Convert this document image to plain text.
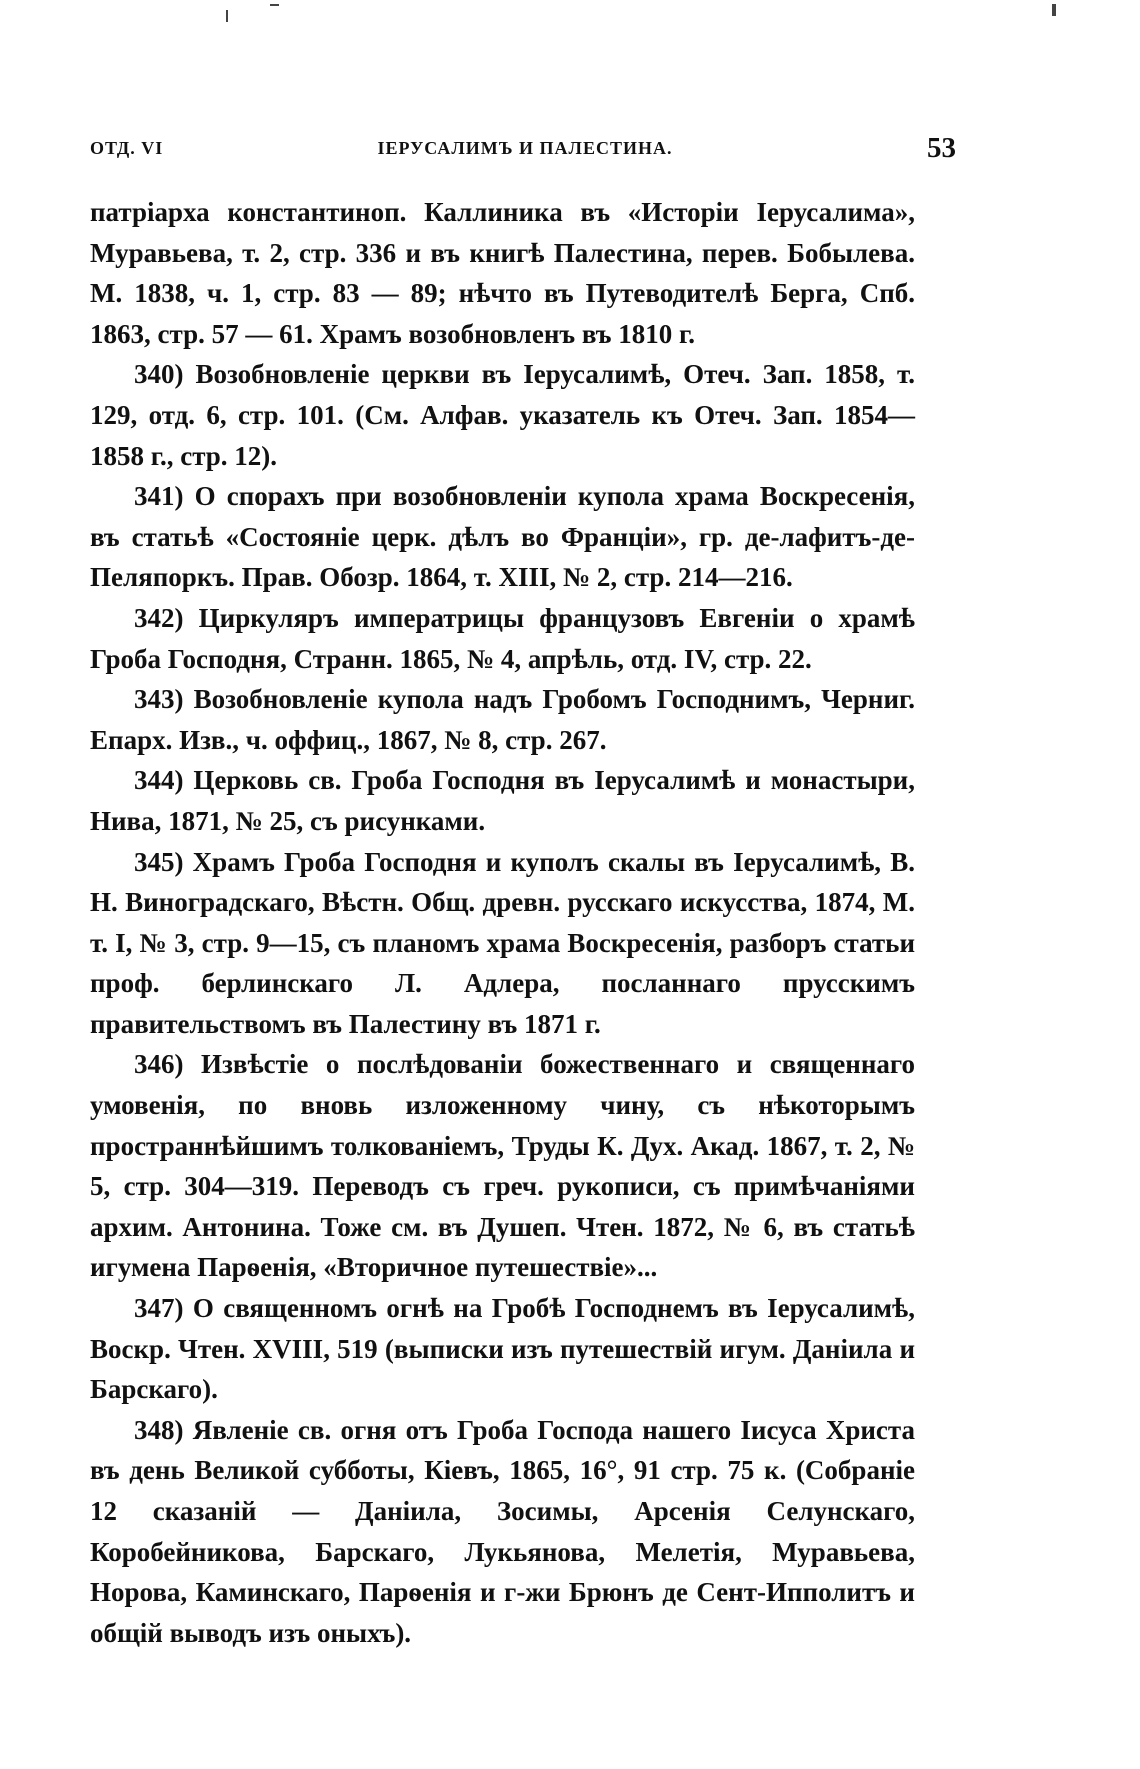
ОТД. VI	ІЕРУСАЛИМЪ И ПАЛЕСТИНА.	53

патріарха константиноп. Каллиника въ «Исторіи Іерусалима», Муравьева, т. 2, стр. 336 и въ книгѣ Палестина, перев. Бобылева. М. 1838, ч. 1, стр. 83 — 89; нѣчто въ Путеводителѣ Берга, Спб. 1863, стр. 57 — 61. Храмъ возобновленъ въ 1810 г.

340) Возобновленіе церкви въ Іерусалимѣ, Отеч. Зап. 1858, т. 129, отд. 6, стр. 101. (См. Алфав. указатель къ Отеч. Зап. 1854—1858 г., стр. 12).

341) О спорахъ при возобновленіи купола храма Воскресенія, въ статьѣ «Состояніе церк. дѣлъ во Франціи», гр. де-лафитъ-де-Пеляпоркъ. Прав. Обозр. 1864, т. XIII, № 2, стр. 214—216.

342) Циркуляръ императрицы французовъ Евгеніи о храмѣ Гроба Господня, Странн. 1865, № 4, апрѣль, отд. IV, стр. 22.

343) Возобновленіе купола надъ Гробомъ Господнимъ, Черниг. Епарх. Изв., ч. оффиц., 1867, № 8, стр. 267.

344) Церковь св. Гроба Господня въ Іерусалимѣ и монастыри, Нива, 1871, № 25, съ рисунками.

345) Храмъ Гроба Господня и куполъ скалы въ Іерусалимѣ, В. Н. Виноградскаго, Вѣстн. Общ. древн. русскаго искусства, 1874, М. т. I, № 3, стр. 9—15, съ планомъ храма Воскресенія, разборъ статьи проф. берлинскаго Л. Адлера, посланнаго прусскимъ правительствомъ въ Палестину въ 1871 г.

346) Извѣстіе о послѣдованіи божественнаго и священнаго умовенія, по вновь изложенному чину, съ нѣкоторымъ пространнѣйшимъ толкованіемъ, Труды К. Дух. Акад. 1867, т. 2, № 5, стр. 304—319. Переводъ съ греч. рукописи, съ примѣчаніями архим. Антонина. Тоже см. въ Душеп. Чтен. 1872, № 6, въ статьѣ игумена Парѳенія, «Вторичное путешествіе»...

347) О священномъ огнѣ на Гробѣ Господнемъ въ Іерусалимѣ, Воскр. Чтен. XVIII, 519 (выписки изъ путешествій игум. Даніила и Барскаго).

348) Явленіе св. огня отъ Гроба Господа нашего Іисуса Христа въ день Великой субботы, Кіевъ, 1865, 16°, 91 стр. 75 к. (Собраніе 12 сказаній — Даніила, Зосимы, Арсенія Селунскаго, Коробейникова, Барскаго, Лукьянова, Мелетія, Муравьева, Норова, Каминскаго, Парѳенія и г-жи Брюнъ де Сент-Ипполитъ и общій выводъ изъ оныхъ).
